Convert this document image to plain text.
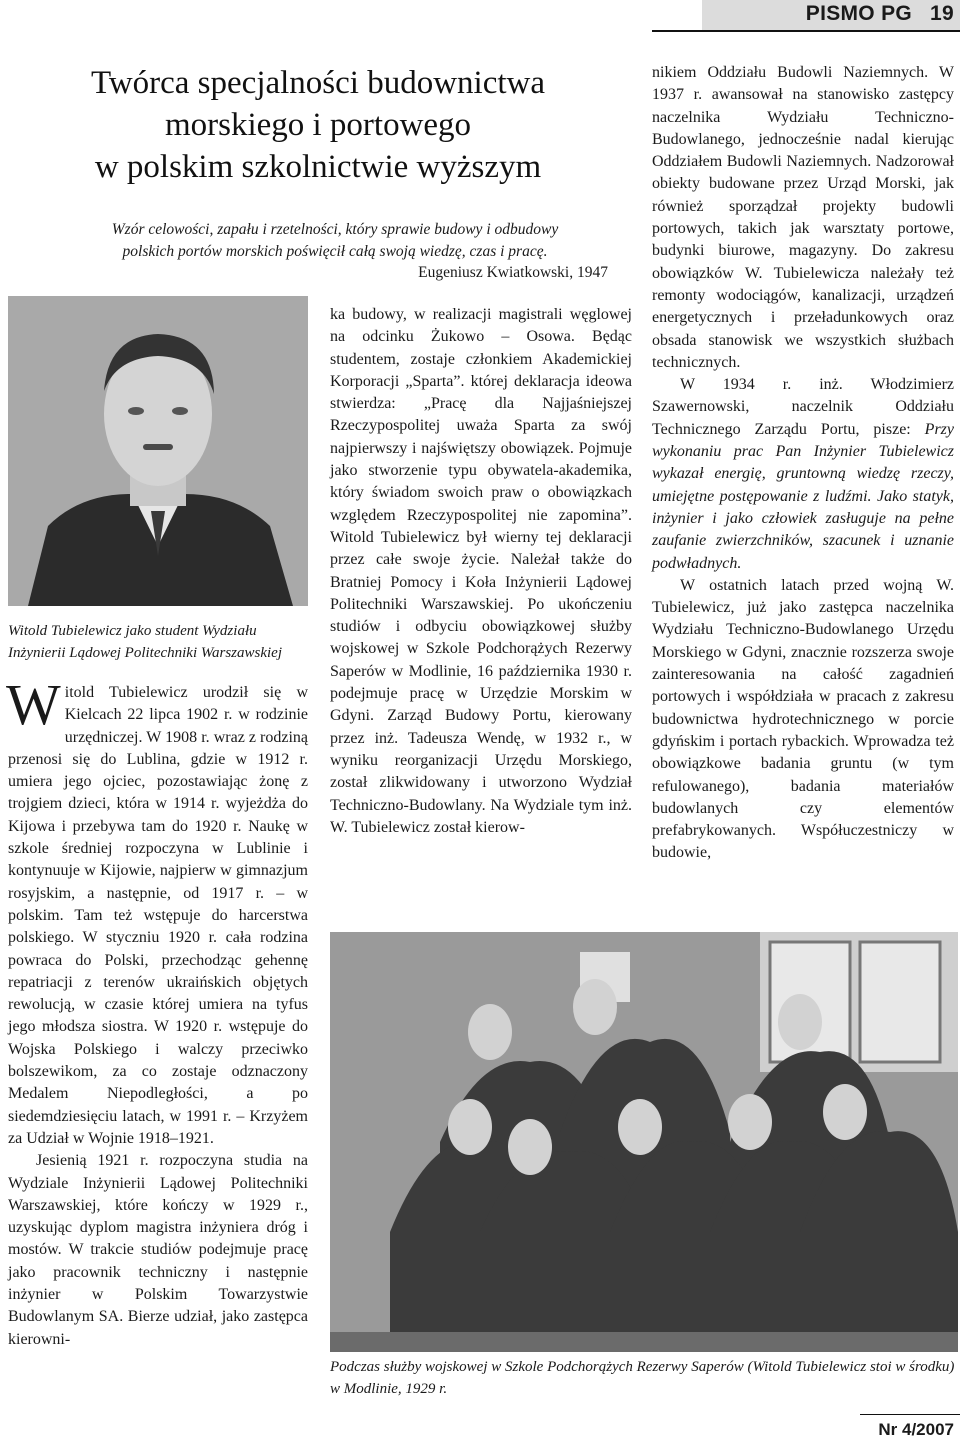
PISMO PG 19
Twórca specjalności budownictwa
morskiego i portowego
w polskim szkolnictwie wyższym
Wzór celowości, zapału i rzetelności, który sprawie budowy i odbudowy
polskich portów morskich poświęcił całą swoją wiedzę, czas i pracę.
Eugeniusz Kwiatkowski, 1947
Witold Tubielewicz jako student Wydziału Inżynierii Lądowej Politechniki Warszawskiej

Witold Tubielewicz urodził się w Kielcach 22 lipca 1902 r. w rodzinie urzędniczej. W 1908 r. wraz z rodziną przenosi się do Lublina, gdzie w 1912 r. umiera jego ojciec, pozostawiając żonę z trojgiem dzieci, która w 1914 r. wyjeżdża do Kijowa i przebywa tam do 1920 r. Naukę w szkole średniej rozpoczyna w Lublinie i kontynuuje w Kijowie, najpierw w gimnazjum rosyjskim, a następnie, od 1917 r. – w polskim. Tam też wstępuje do harcerstwa polskiego. W styczniu 1920 r. cała rodzina powraca do Polski, przechodząc gehennę repatriacji z terenów ukraińskich objętych rewolucją, w czasie której umiera na tyfus jego młodsza siostra. W 1920 r. wstępuje do Wojska Polskiego i walczy przeciwko bolszewikom, za co zostaje odznaczony Medalem Niepodległości, a po siedemdziesięciu latach, w 1991 r. – Krzyżem za Udział w Wojnie 1918–1921.

Jesienią 1921 r. rozpoczyna studia na Wydziale Inżynierii Lądowej Politechniki Warszawskiej, które kończy w 1929 r., uzyskując dyplom magistra inżyniera dróg i mostów. W trakcie studiów podejmuje pracę jako pracownik techniczny i następnie inżynier w Polskim Towarzystwie Budowlanym SA. Bierze udział, jako zastępca kierowni-

ka budowy, w realizacji magistrali węglowej na odcinku Żukowo – Osowa. Będąc studentem, zostaje członkiem Akademickiej Korporacji „Sparta”. której deklaracja ideowa stwierdza: „Pracę dla Najjaśniejszej Rzeczypospolitej uważa Sparta za swój najpierwszy i najświętszy obowiązek. Pojmuje jako stworzenie typu obywatela-akademika, który świadom swoich praw o obowiązkach względem Rzeczypospolitej nie zapomina”. Witold Tubielewicz był wierny tej deklaracji przez całe swoje życie. Należał także do Bratniej Pomocy i Koła Inżynierii Lądowej Politechniki Warszawskiej. Po ukończeniu studiów i odbyciu obowiązkowej służby wojskowej w Szkole Podchorążych Rezerwy Saperów w Modlinie, 16 października 1930 r. podejmuje pracę w Urzędzie Morskim w Gdyni. Zarząd Budowy Portu, kierowany przez inż. Tadeusza Wendę, w 1932 r., w wyniku reorganizacji Urzędu Morskiego, został zlikwidowany i utworzono Wydział Techniczno-Budowlany. Na Wydziale tym inż. W. Tubielewicz został kierow-

nikiem Oddziału Budowli Naziemnych. W 1937 r. awansował na stanowisko zastępcy naczelnika Wydziału Techniczno-Budowlanego, jednocześnie nadal kierując Oddziałem Budowli Naziemnych. Nadzorował obiekty budowane przez Urząd Morski, jak również sporządzał projekty budowli portowych, takich jak warsztaty portowe, budynki biurowe, magazyny. Do zakresu obowiązków W. Tubielewicza należały też remonty wodociągów, kanalizacji, urządzeń energetycznych i przeładunkowych oraz obsada stanowisk we wszystkich służbach technicznych.

W 1934 r. inż. Włodzimierz Szawernowski, naczelnik Oddziału Technicznego Zarządu Portu, pisze: Przy wykonaniu prac Pan Inżynier Tubielewicz wykazał energię, gruntowną wiedzę rzeczy, umiejętne postępowanie z ludźmi. Jako statyk, inżynier i jako człowiek zasługuje na pełne zaufanie zwierzchników, szacunek i uznanie podwładnych.

W ostatnich latach przed wojną W. Tubielewicz, już jako zastępca naczelnika Wydziału Techniczno-Budowlanego Urzędu Morskiego w Gdyni, znacznie rozszerza swoje zainteresowania na całość zagadnień portowych i współdziała w pracach z zakresu budownictwa hydrotechnicznego w porcie gdyńskim i portach rybackich. Wprowadza też obowiązkowe badania gruntu (w tym refulowanego), badania materiałów budowlanych czy elementów prefabrykowanych. Współuczestniczy w budowie,

Podczas służby wojskowej w Szkole Podchorążych Rezerwy Saperów (Witold Tubielewicz stoi w środku) w Modlinie, 1929 r.
Nr 4/2007
